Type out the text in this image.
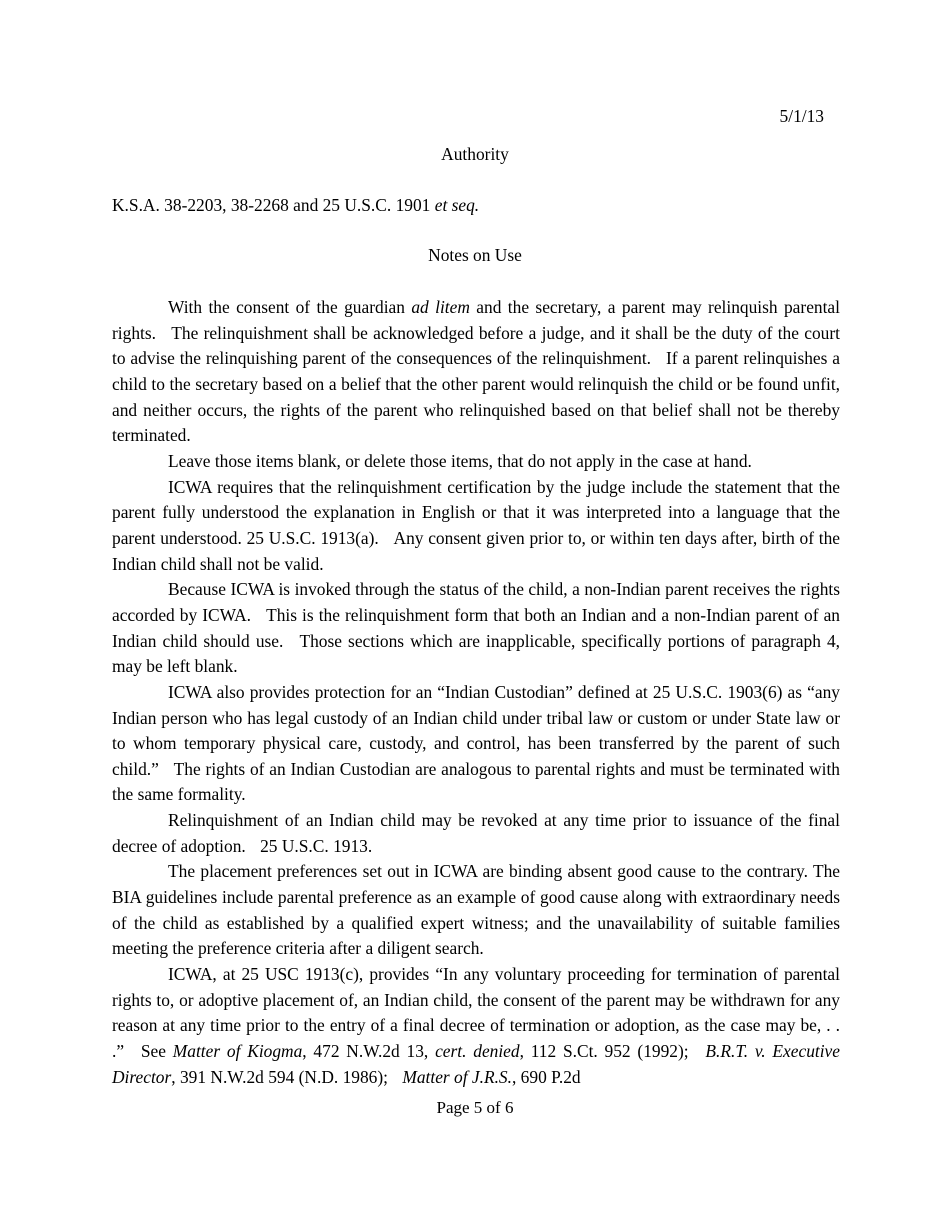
5/1/13
Authority
K.S.A. 38-2203, 38-2268 and 25 U.S.C. 1901 et seq.
Notes on Use

With the consent of the guardian ad litem and the secretary, a parent may relinquish parental rights. The relinquishment shall be acknowledged before a judge, and it shall be the duty of the court to advise the relinquishing parent of the consequences of the relinquishment. If a parent relinquishes a child to the secretary based on a belief that the other parent would relinquish the child or be found unfit, and neither occurs, the rights of the parent who relinquished based on that belief shall not be thereby terminated.

Leave those items blank, or delete those items, that do not apply in the case at hand.

ICWA requires that the relinquishment certification by the judge include the statement that the parent fully understood the explanation in English or that it was interpreted into a language that the parent understood. 25 U.S.C. 1913(a). Any consent given prior to, or within ten days after, birth of the Indian child shall not be valid.

Because ICWA is invoked through the status of the child, a non-Indian parent receives the rights accorded by ICWA. This is the relinquishment form that both an Indian and a non-Indian parent of an Indian child should use. Those sections which are inapplicable, specifically portions of paragraph 4, may be left blank.

ICWA also provides protection for an “Indian Custodian” defined at 25 U.S.C. 1903(6) as “any Indian person who has legal custody of an Indian child under tribal law or custom or under State law or to whom temporary physical care, custody, and control, has been transferred by the parent of such child.” The rights of an Indian Custodian are analogous to parental rights and must be terminated with the same formality.

Relinquishment of an Indian child may be revoked at any time prior to issuance of the final decree of adoption. 25 U.S.C. 1913.

The placement preferences set out in ICWA are binding absent good cause to the contrary. The BIA guidelines include parental preference as an example of good cause along with extraordinary needs of the child as established by a qualified expert witness; and the unavailability of suitable families meeting the preference criteria after a diligent search.

ICWA, at 25 USC 1913(c), provides “In any voluntary proceeding for termination of parental rights to, or adoptive placement of, an Indian child, the consent of the parent may be withdrawn for any reason at any time prior to the entry of a final decree of termination or adoption, as the case may be, . . .” See Matter of Kiogma, 472 N.W.2d 13, cert. denied, 112 S.Ct. 952 (1992); B.R.T. v. Executive Director, 391 N.W.2d 594 (N.D. 1986); Matter of J.R.S., 690 P.2d

Page 5 of 6
